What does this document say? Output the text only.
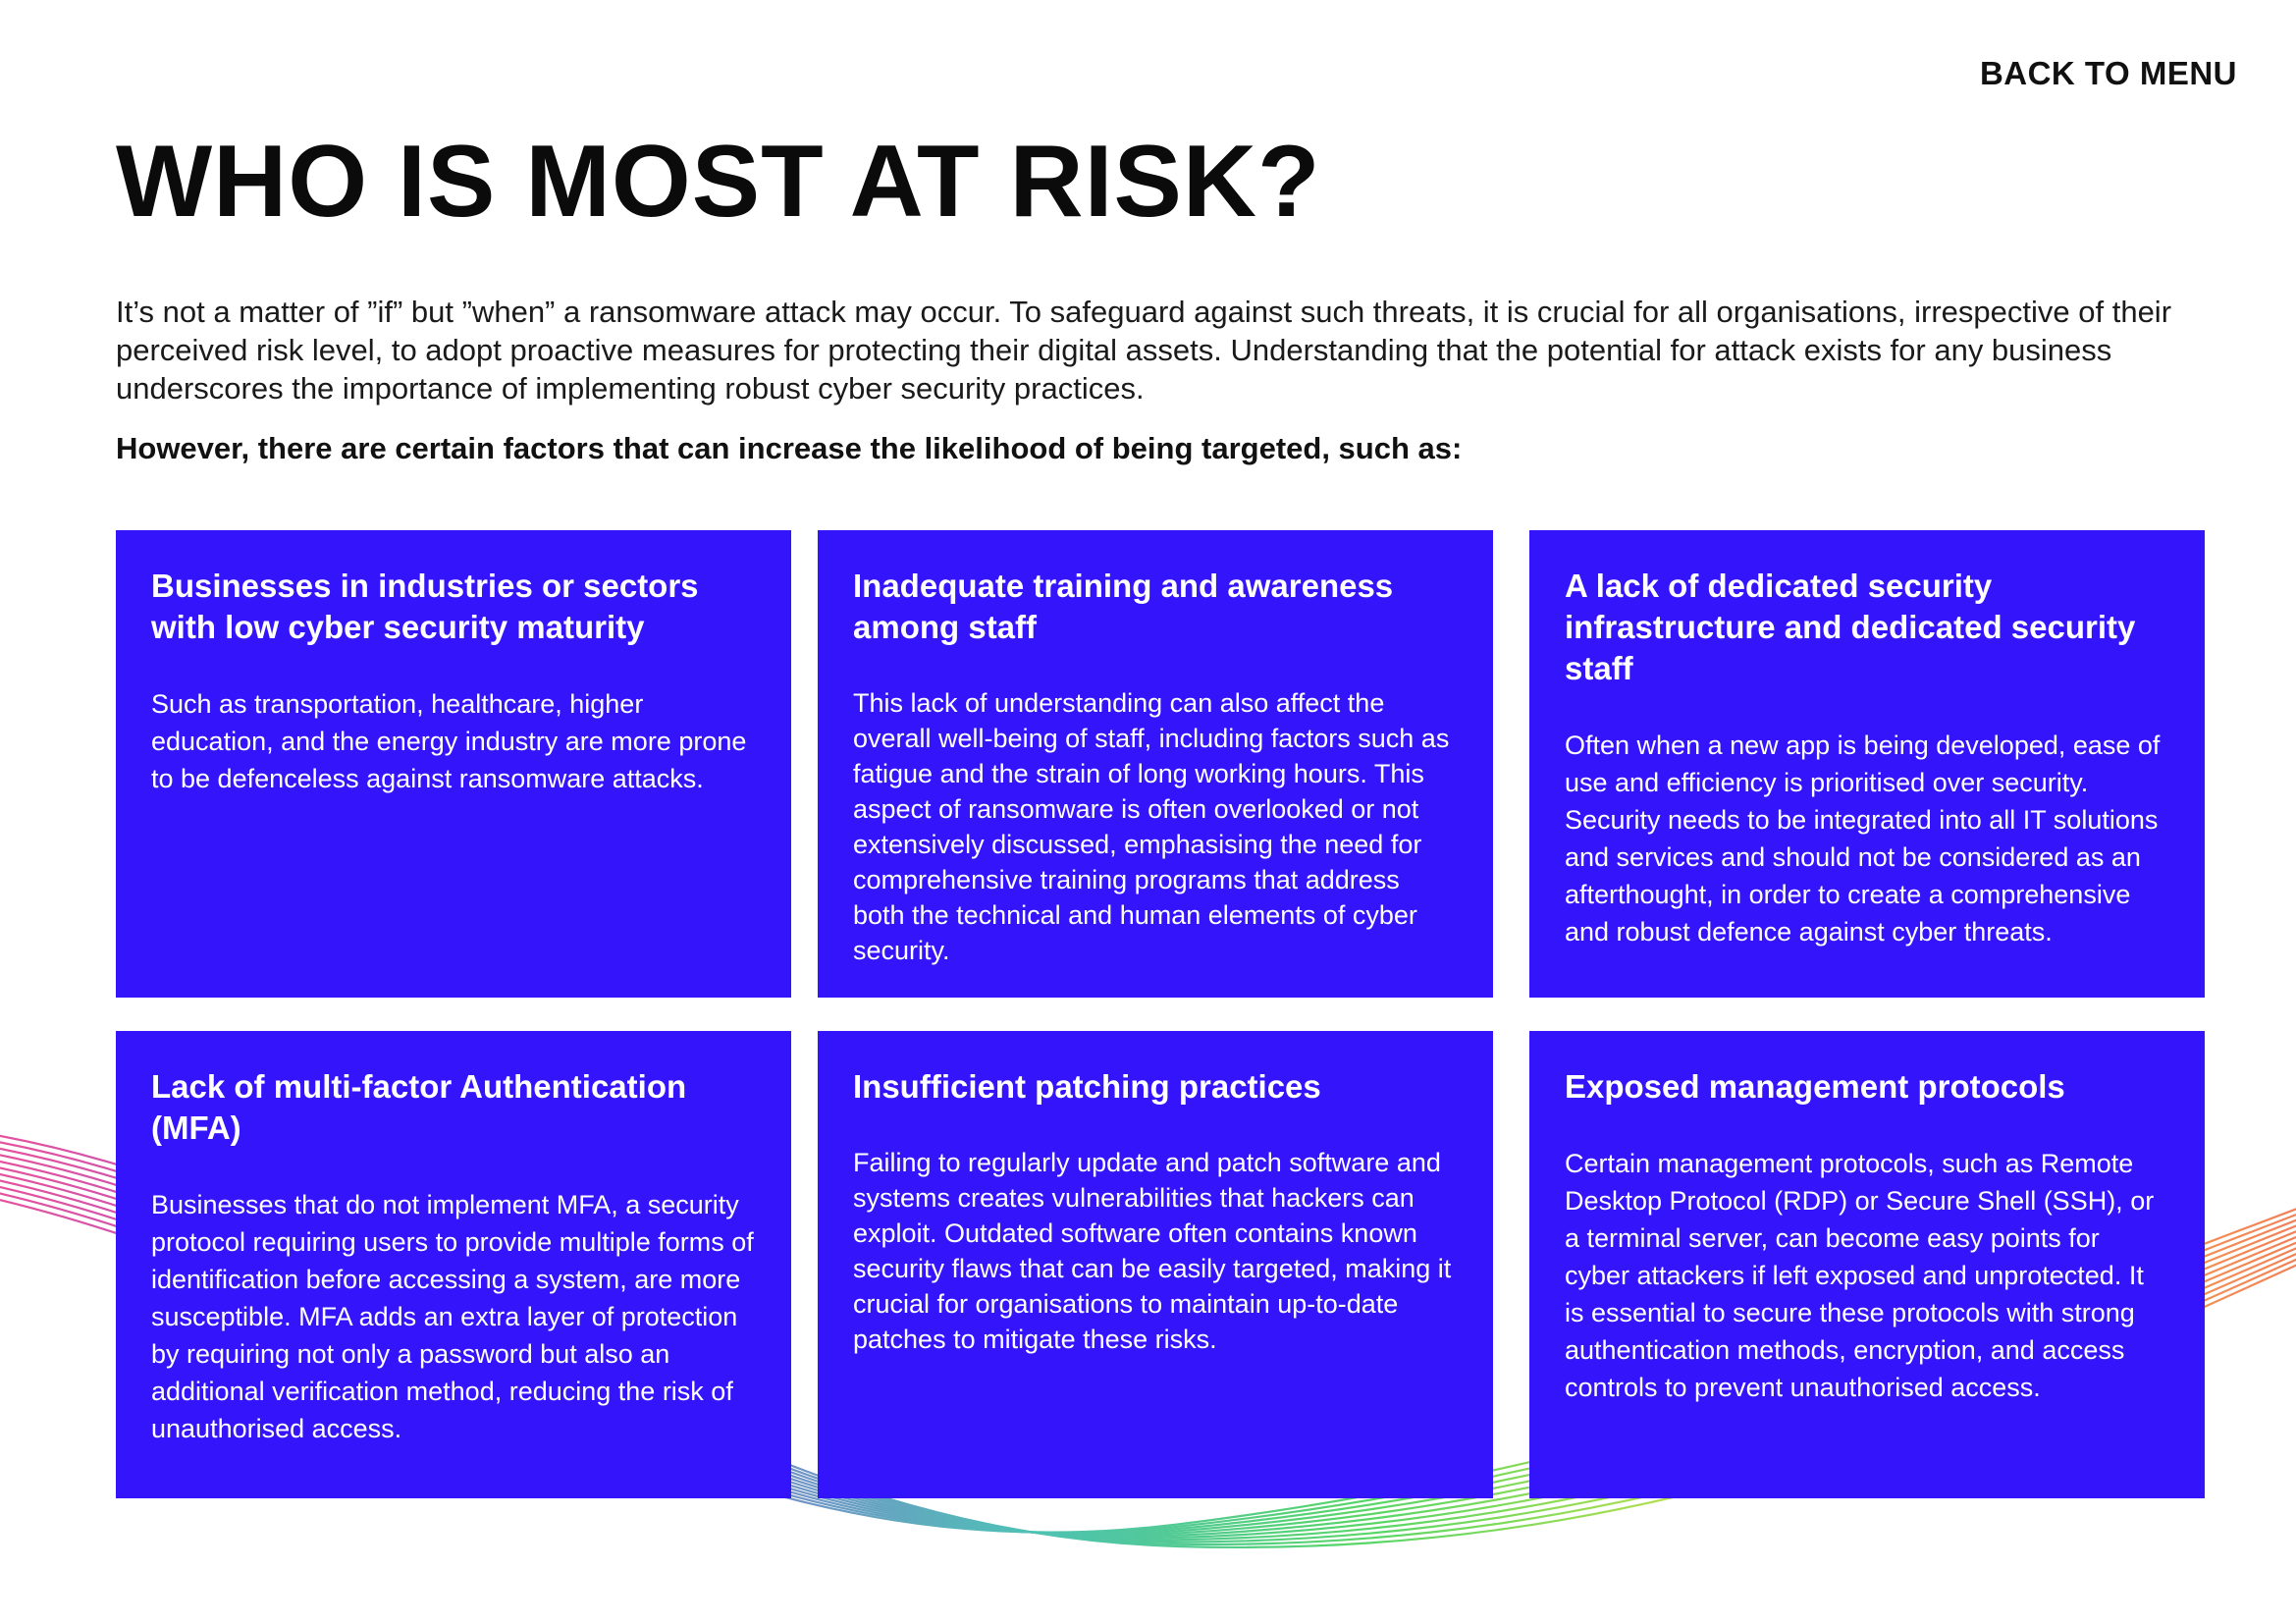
BACK TO MENU
WHO IS MOST AT RISK?

It’s not a matter of ”if” but ”when” a ransomware attack may occur. To safeguard against such threats, it is crucial for all organisations, irrespective of their perceived risk level, to adopt proactive measures for protecting their digital assets. Understanding that the potential for attack exists for any business underscores the importance of implementing robust cyber security practices.

However, there are certain factors that can increase the likelihood of being targeted, such as:

Businesses in industries or sectors with low cyber security maturity

Such as transportation, healthcare, higher education, and the energy industry are more prone to be defenceless against ransomware attacks.

Inadequate training and awareness among staff

This lack of understanding can also affect the overall well-being of staff, including factors such as fatigue and the strain of long working hours. This aspect of ransomware is often overlooked or not extensively discussed, emphasising the need for comprehensive training programs that address both the technical and human elements of cyber security.

A lack of dedicated security infrastructure and dedicated security staff

Often when a new app is being developed, ease of use and efficiency is prioritised over security. Security needs to be integrated into all IT solutions and services and should not be considered as an afterthought, in order to create a comprehensive and robust defence against cyber threats.

Lack of multi-factor Authentication (MFA)

Businesses that do not implement MFA, a security protocol requiring users to provide multiple forms of identification before accessing a system, are more susceptible. MFA adds an extra layer of protection by requiring not only a password but also an additional verification method, reducing the risk of unauthorised access.

Insufficient patching practices

Failing to regularly update and patch software and systems creates vulnerabilities that hackers can exploit. Outdated software often contains known security flaws that can be easily targeted, making it crucial for organisations to maintain up-to-date patches to mitigate these risks.

Exposed management protocols

Certain management protocols, such as Remote Desktop Protocol (RDP) or Secure Shell (SSH), or a terminal server, can become easy points for cyber attackers if left exposed and unprotected. It is essential to secure these protocols with strong authentication methods, encryption, and access controls to prevent unauthorised access.
